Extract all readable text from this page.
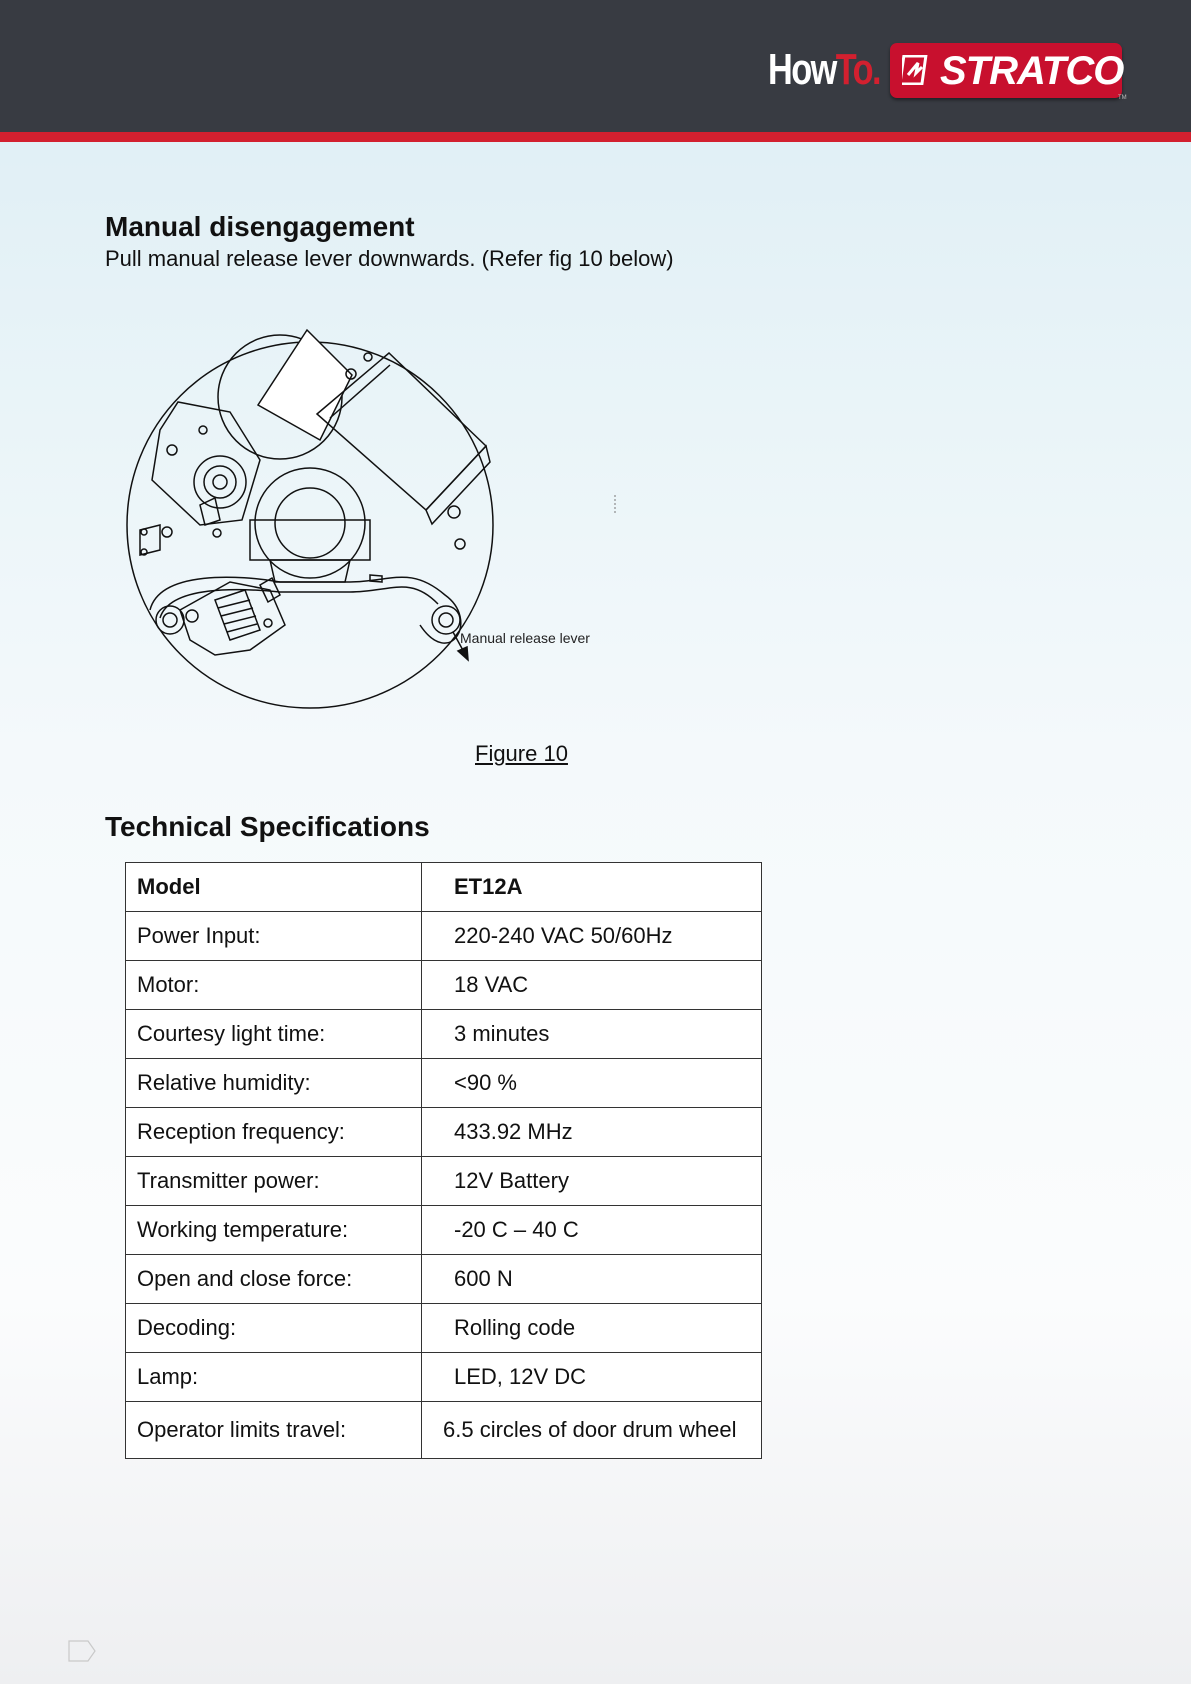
HowTo. STRATCO
TM
Manual disengagement

Pull manual release lever downwards. (Refer fig 10 below)

Manual release lever
Figure 10
Technical Specifications
Model	ET12A
Power Input:	220-240 VAC 50/60Hz
Motor:	18 VAC
Courtesy light time:	3 minutes
Relative humidity:	<90 %
Reception frequency:	433.92 MHz
Transmitter power:	12V Battery
Working temperature:	-20 C – 40 C
Open and close force:	600 N
Decoding:	Rolling code
Lamp:	LED, 12V DC
Operator limits travel:	6.5 circles of door drum wheel
